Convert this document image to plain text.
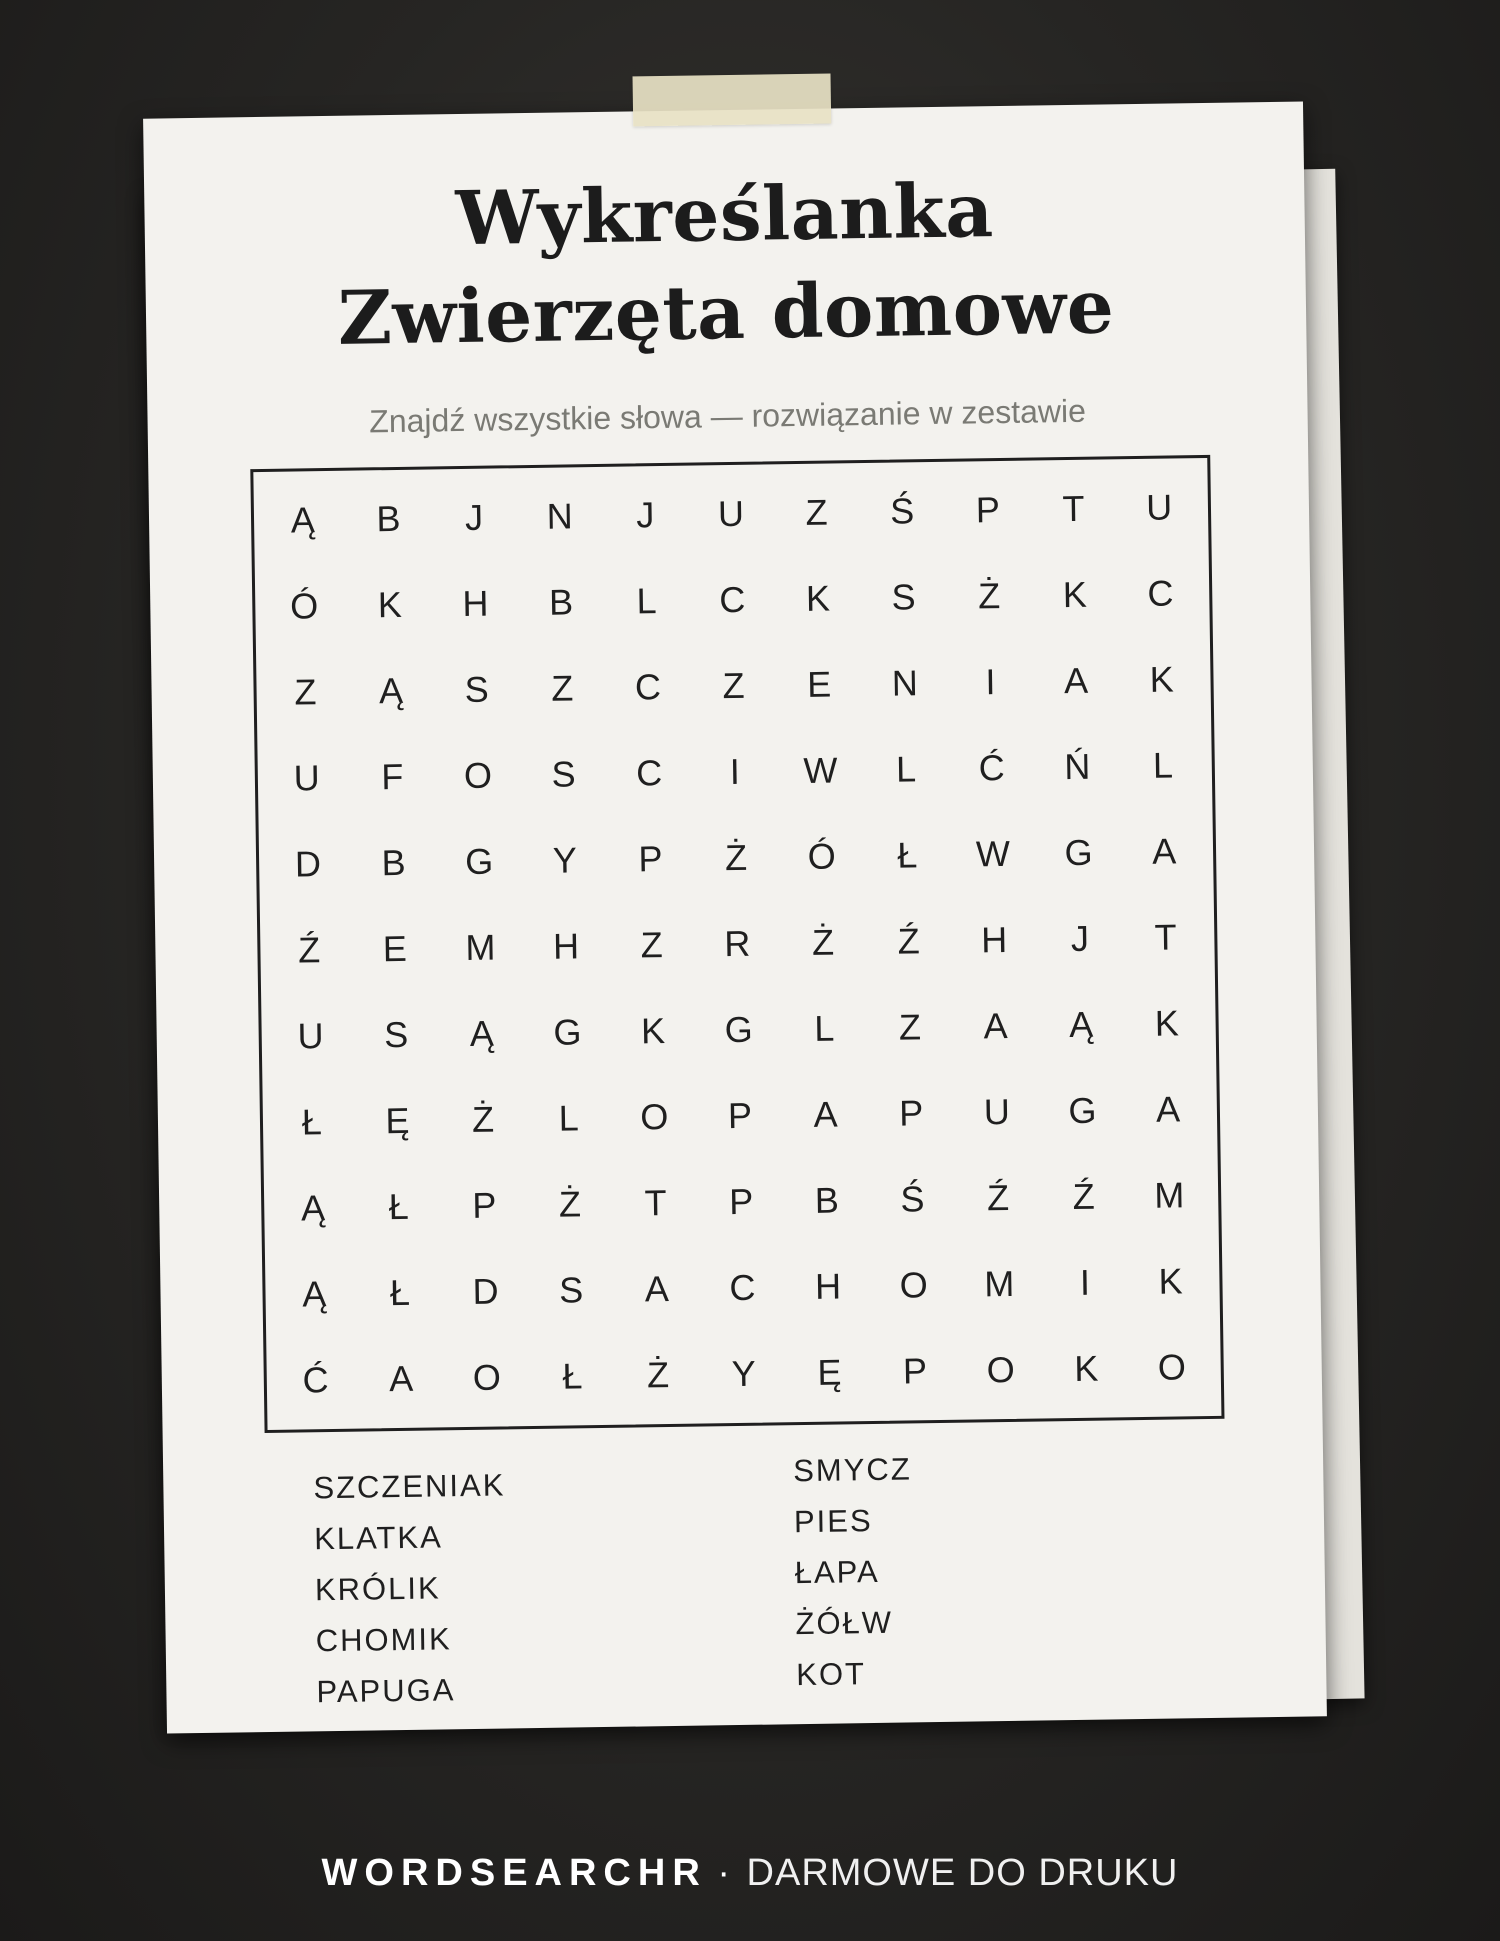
Wykreślanka
Zwierzęta domowe
Znajdź wszystkie słowa — rozwiązanie w zestawie
Ą	B	J	N	J	U	Z	Ś	P	T	U
Ó	K	H	B	L	C	K	S	Ż	K	C
Z	Ą	S	Z	C	Z	E	N	I	A	K
U	F	O	S	C	I	W	L	Ć	Ń	L
D	B	G	Y	P	Ż	Ó	Ł	W	G	A
Ź	E	M	H	Z	R	Ż	Ź	H	J	T
U	S	Ą	G	K	G	L	Z	A	Ą	K
Ł	Ę	Ż	L	O	P	A	P	U	G	A
Ą	Ł	P	Ż	T	P	B	Ś	Ź	Ź	M
Ą	Ł	D	S	A	C	H	O	M	I	K
Ć	A	O	Ł	Ż	Y	Ę	P	O	K	O
SZCZENIAK
KLATKA
KRÓLIK
CHOMIK
PAPUGA
SMYCZ
PIES
ŁAPA
ŻÓŁW
KOT
WORDSEARCHR · DARMOWE DO DRUKU
